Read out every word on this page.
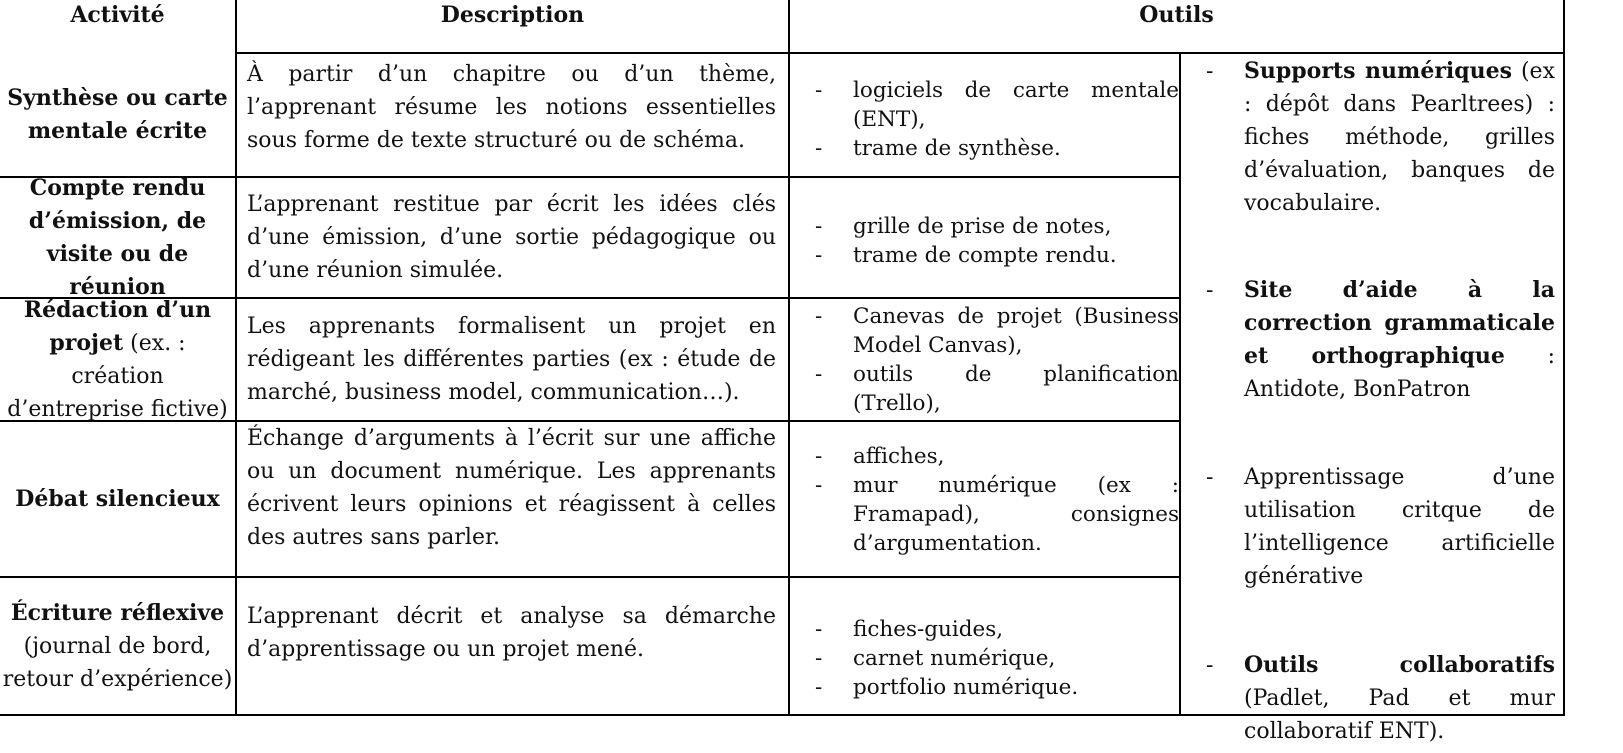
Activité	Description	Outils
Synthèse ou carte mentale écrite
À partir d’un chapitre ou d’un thème, l’apprenant résume les notions essentielles sous forme de texte structuré ou de schéma.
- logiciels de carte mentale (ENT),
- trame de synthèse.
Compte rendu d’émission, de visite ou de réunion
L’apprenant restitue par écrit les idées clés d’une émission, d’une sortie pédagogique ou d’une réunion simulée.
- grille de prise de notes,
- trame de compte rendu.
Rédaction d’un projet (ex. : création d’entreprise fictive)
Les apprenants formalisent un projet en rédigeant les différentes parties (ex : étude de marché, business model, communication…).
- Canevas de projet (Business Model Canvas),
- outils de planification (Trello),
Débat silencieux
Échange d’arguments à l’écrit sur une affiche ou un document numérique. Les apprenants écrivent leurs opinions et réagissent à celles des autres sans parler.
- affiches,
- mur numérique (ex : Framapad), consignes d’argumentation.
Écriture réflexive (journal de bord, retour d’expérience)
L’apprenant décrit et analyse sa démarche d’apprentissage ou un projet mené.
- fiches-guides,
- carnet numérique,
- portfolio numérique.
- Supports numériques (ex : dépôt dans Pearltrees) : fiches méthode, grilles d’évaluation, banques de vocabulaire.
- Site d’aide à la correction grammaticale et orthographique : Antidote, BonPatron
- Apprentissage d’une utilisation critque de l’intelligence artificielle générative
- Outils collaboratifs (Padlet, Pad et mur collaboratif ENT).
